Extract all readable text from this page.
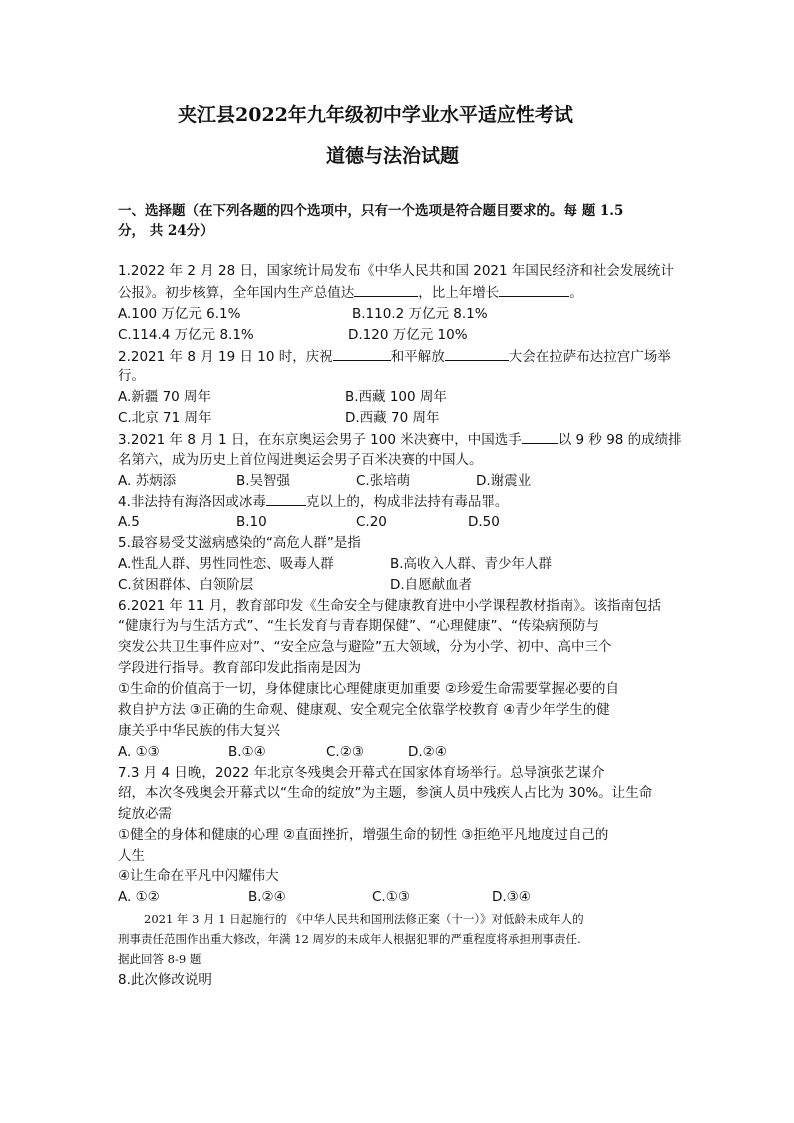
夹江县2022年九年级初中学业水平适应性考试
道德与法治试题
一、选择题（在下列各题的四个选项中，只有一个选项是符合题目要求的。每 题 1.5
分， 共 24分）
1.2022 年 2 月 28 日，国家统计局发布《中华人民共和国 2021 年国民经济和社会发展统计
公报》。初步核算，全年国内生产总值达	，比上年增长	。
A.100 万亿元 6.1%	B.110.2 万亿元 8.1%
C.114.4 万亿元 8.1%	D.120 万亿元 10%
2.2021 年 8 月 19 日 10 时，庆祝	和平解放	大会在拉萨布达拉宫广场举
行。
A.新疆 70 周年	B.西藏 100 周年
C.北京 71 周年	D.西藏 70 周年
3.2021 年 8 月 1 日，在东京奥运会男子 100 米决赛中，中国选手	以 9 秒 98 的成绩排
名第六，成为历史上首位闯进奥运会男子百米决赛的中国人。
A. 苏炳添	B.吴智强	C.张培萌	D.谢震业
4.非法持有海洛因或冰毒	克以上的，构成非法持有毒品罪。
A.5	B.10	C.20	D.50
5.最容易受艾滋病感染的“高危人群”是指
A.性乱人群、男性同性恋、吸毒人群	B.高收入人群、青少年人群
C.贫困群体、白领阶层	D.自愿献血者
6.2021 年 11 月，教育部印发《生命安全与健康教育进中小学课程教材指南》。该指南包括
“健康行为与生活方式”、“生长发育与青春期保健”、“心理健康”、“传染病预防与
突发公共卫生事件应对”、“安全应急与避险”五大领域，分为小学、初中、高中三个
学段进行指导。教育部印发此指南是因为
①生命的价值高于一切，身体健康比心理健康更加重要 ②珍爱生命需要掌握必要的自
救自护方法 ③正确的生命观、健康观、安全观完全依靠学校教育 ④青少年学生的健
康关乎中华民族的伟大复兴
A. ①③	B.①④	C.②③	D.②④
7.3 月 4 日晚，2022 年北京冬残奥会开幕式在国家体育场举行。总导演张艺谋介
绍，本次冬残奥会开幕式以“生命的绽放”为主题，参演人员中残疾人占比为 30%。让生命
绽放必需
①健全的身体和健康的心理 ②直面挫折，增强生命的韧性 ③拒绝平凡地度过自己的
人生
④让生命在平凡中闪耀伟大
A. ①②	B.②④	C.①③	D.③④
2021 年 3 月 1 日起施行的 《中华人民共和国刑法修正案（十一）》对低龄未成年人的
刑事责任范围作出重大修改，年满 12 周岁的未成年人根据犯罪的严重程度将承担刑事责任.
据此回答 8-9 题
8.此次修改说明
